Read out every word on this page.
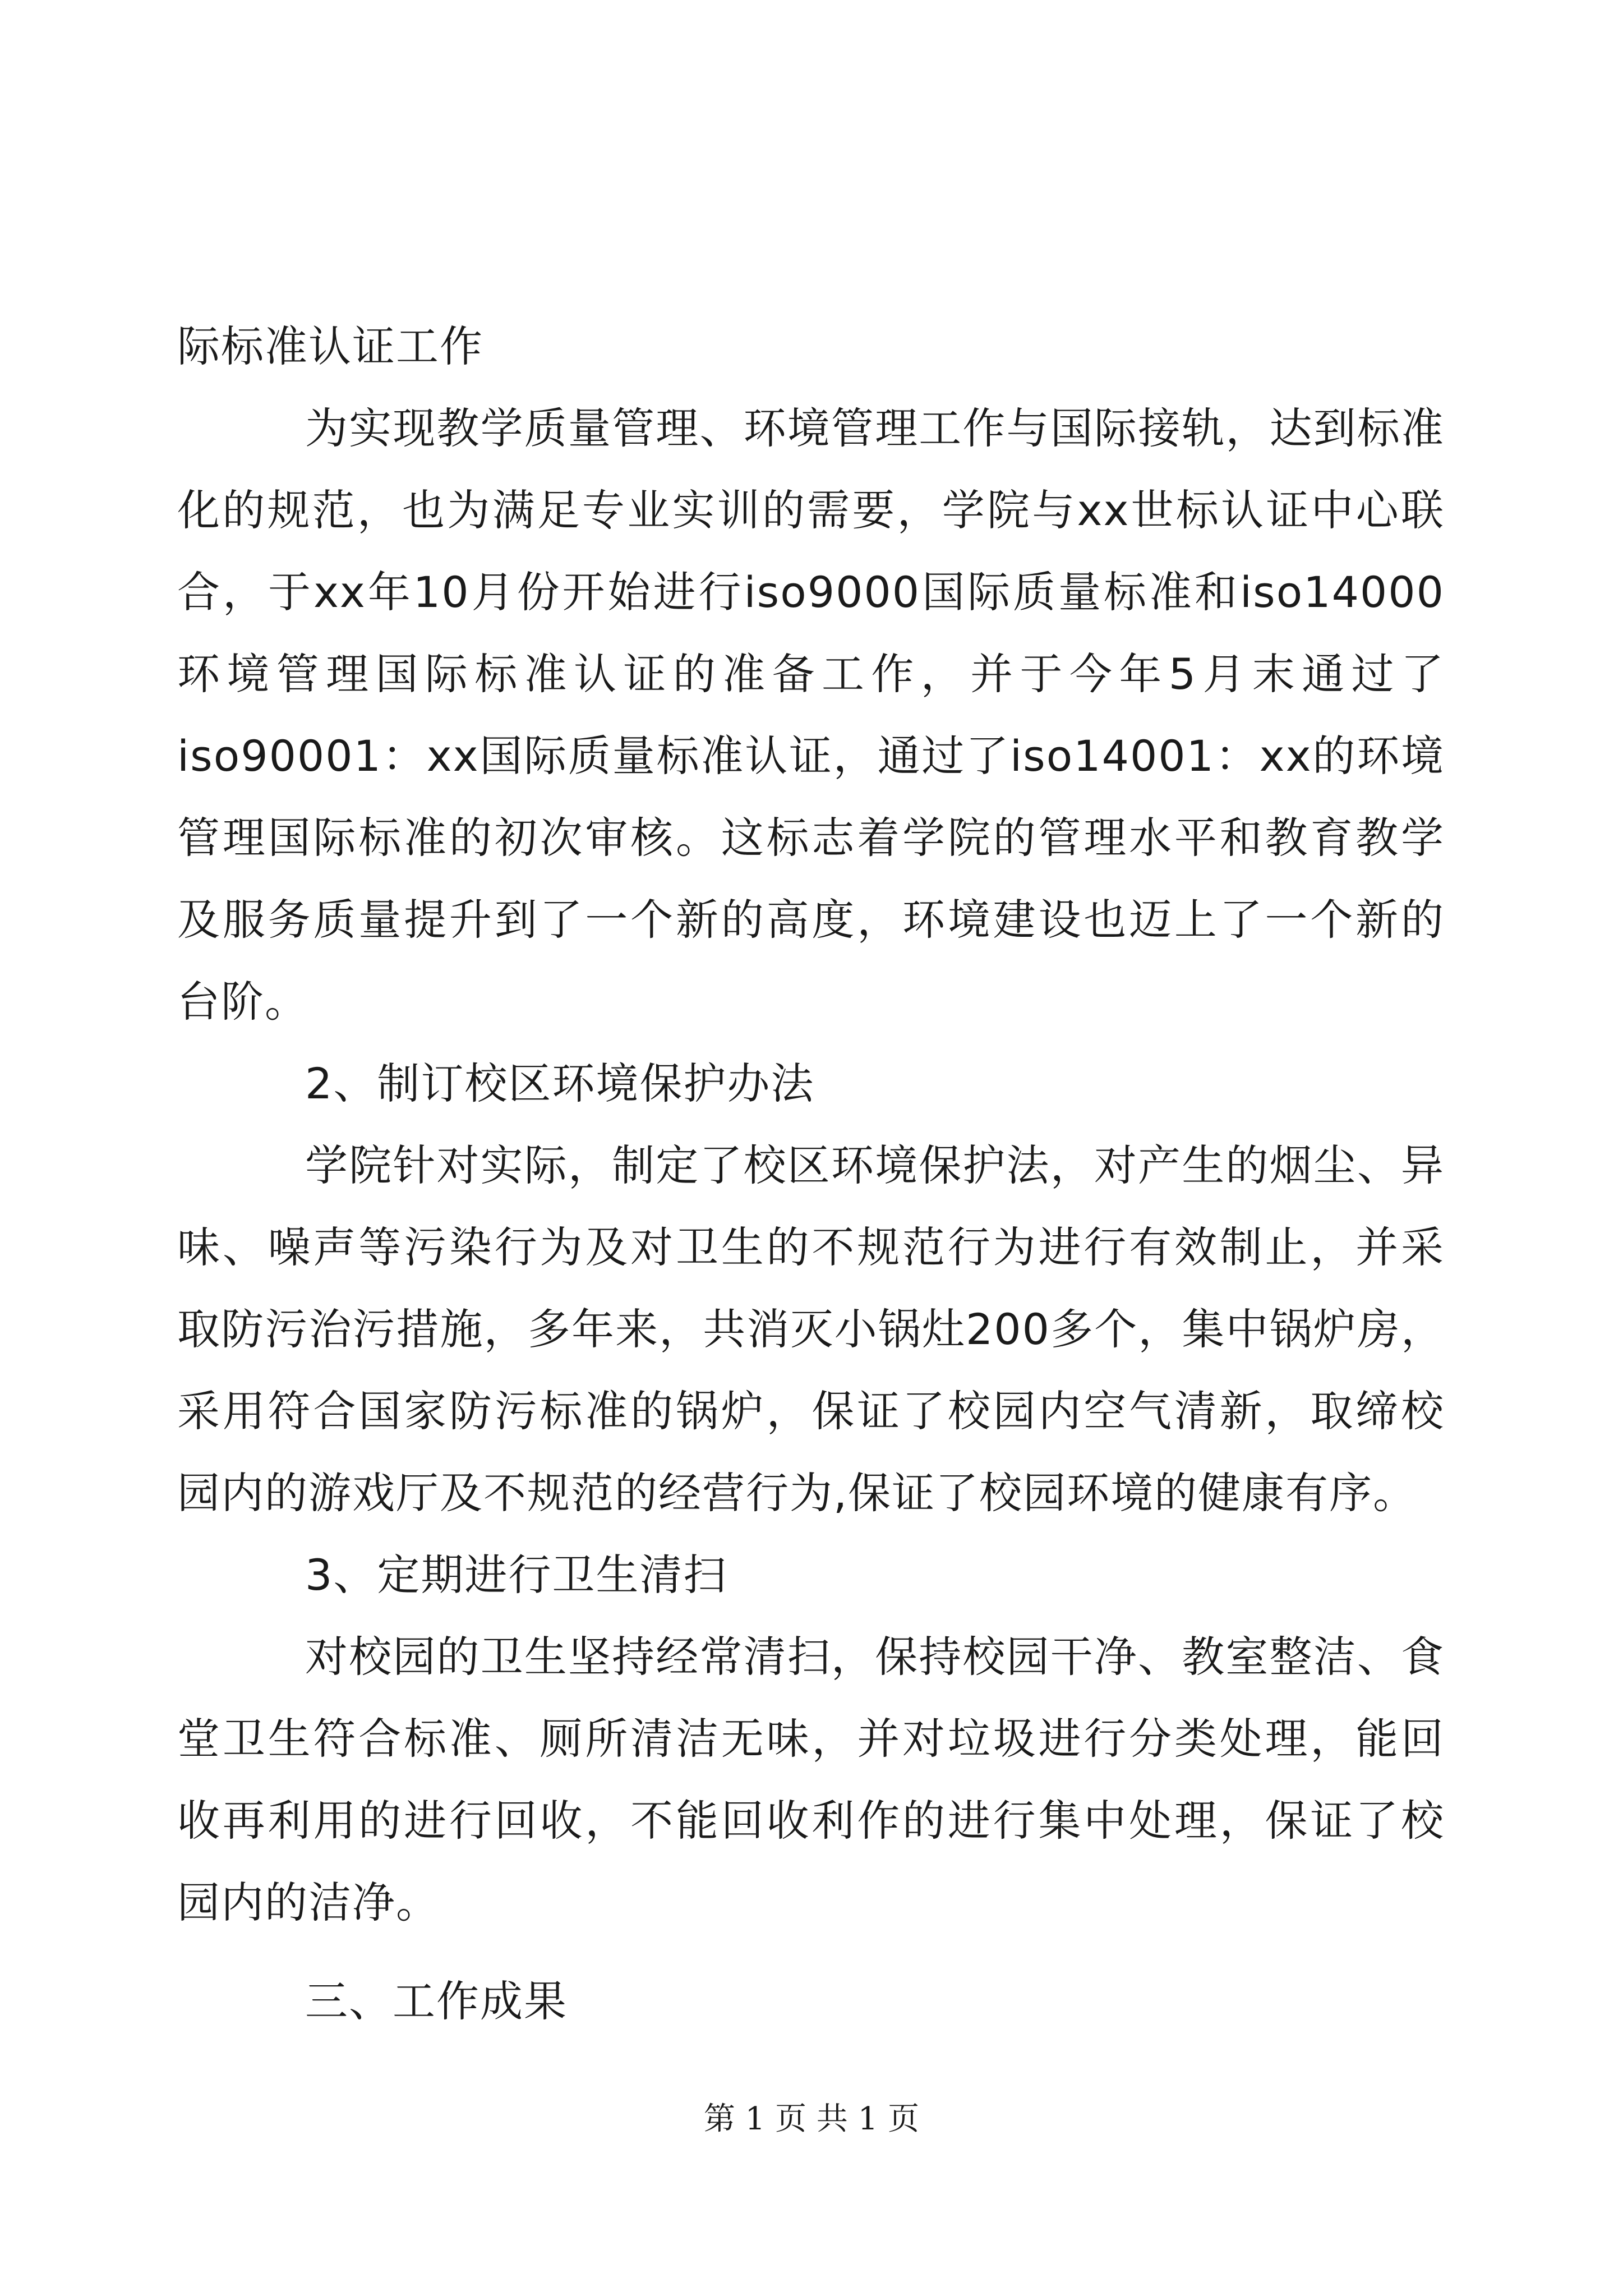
际标准认证工作

为实现教学质量管理、环境管理工作与国际接轨，达到标准化的规范，也为满足专业实训的需要，学院与xx世标认证中心联合，于xx年10月份开始进行iso9000国际质量标准和iso14000环境管理国际标准认证的准备工作，并于今年5月末通过了iso90001：xx国际质量标准认证，通过了iso14001：xx的环境管理国际标准的初次审核。这标志着学院的管理水平和教育教学及服务质量提升到了一个新的高度，环境建设也迈上了一个新的台阶。

2、制订校区环境保护办法

学院针对实际，制定了校区环境保护法，对产生的烟尘、异味、噪声等污染行为及对卫生的不规范行为进行有效制止，并采取防污治污措施，多年来，共消灭小锅灶200多个，集中锅炉房，采用符合国家防污标准的锅炉，保证了校园内空气清新，取缔校园内的游戏厅及不规范的经营行为,保证了校园环境的健康有序。

3、定期进行卫生清扫

对校园的卫生坚持经常清扫，保持校园干净、教室整洁、食堂卫生符合标准、厕所清洁无味，并对垃圾进行分类处理，能回收再利用的进行回收，不能回收利作的进行集中处理，保证了校园内的洁净。

三、工作成果

第 1 页 共 1 页
